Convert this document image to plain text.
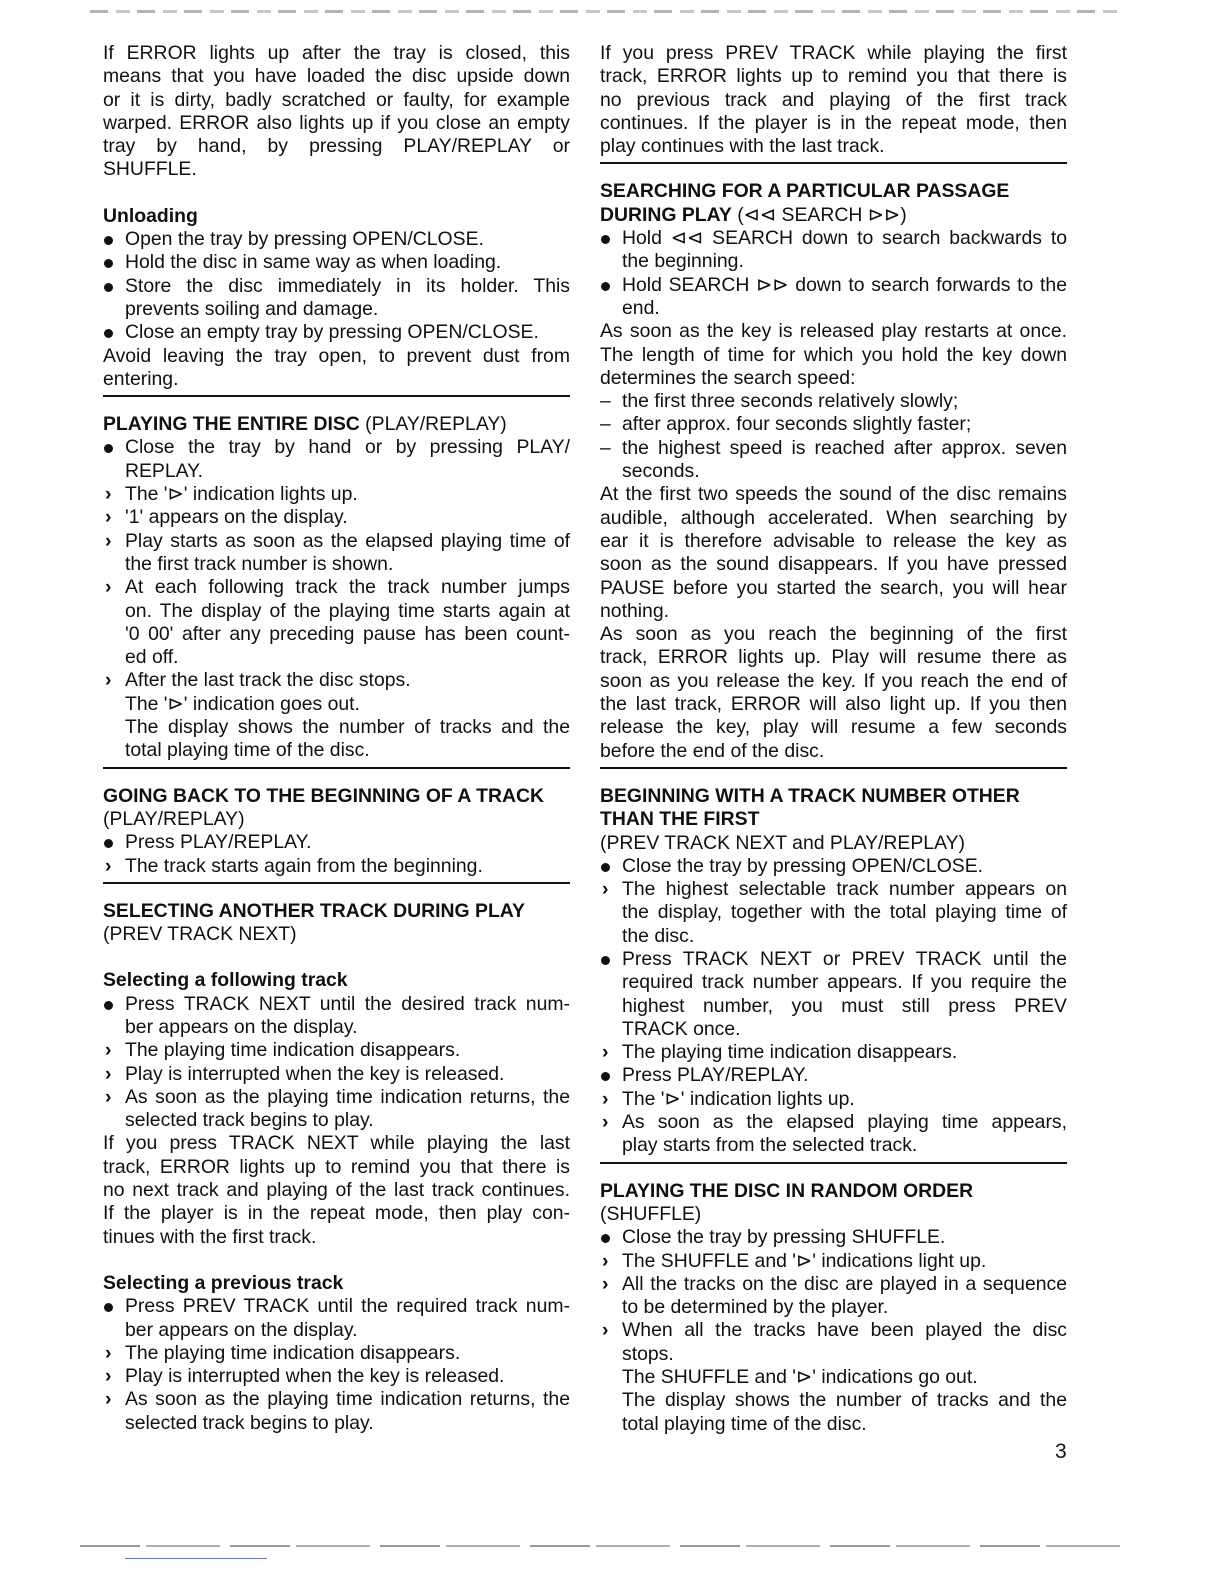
If ERROR lights up after the tray is closed, this

means that you have loaded the disc upside down

or it is dirty, badly scratched or faulty, for example

warped. ERROR also lights up if you close an empty

tray by hand, by pressing PLAY/REPLAY or

SHUFFLE.

Unloading

Open the tray by pressing OPEN/CLOSE.

Hold the disc in same way as when loading.

Store the disc immediately in its holder. This

prevents soiling and damage.

Close an empty tray by pressing OPEN/CLOSE.

Avoid leaving the tray open, to prevent dust from

entering.

PLAYING THE ENTIRE DISC (PLAY/REPLAY)

Close the tray by hand or by pressing PLAY/

REPLAY.

› The '⊳' indication lights up.

› '1' appears on the display.

› Play starts as soon as the elapsed playing time of

the first track number is shown.

› At each following track the track number jumps

on. The display of the playing time starts again at

'0 00' after any preceding pause has been count-

ed off.

› After the last track the disc stops.

The '⊳' indication goes out.

The display shows the number of tracks and the

total playing time of the disc.

GOING BACK TO THE BEGINNING OF A TRACK

(PLAY/REPLAY)

Press PLAY/REPLAY.

› The track starts again from the beginning.

SELECTING ANOTHER TRACK DURING PLAY

(PREV TRACK NEXT)

Selecting a following track

Press TRACK NEXT until the desired track num-

ber appears on the display.

› The playing time indication disappears.

› Play is interrupted when the key is released.

› As soon as the playing time indication returns, the

selected track begins to play.

If you press TRACK NEXT while playing the last

track, ERROR lights up to remind you that there is

no next track and playing of the last track continues.

If the player is in the repeat mode, then play con-

tinues with the first track.

Selecting a previous track

Press PREV TRACK until the required track num-

ber appears on the display.

› The playing time indication disappears.

› Play is interrupted when the key is released.

› As soon as the playing time indication returns, the

selected track begins to play.

If you press PREV TRACK while playing the first

track, ERROR lights up to remind you that there is

no previous track and playing of the first track

continues. If the player is in the repeat mode, then

play continues with the last track.

SEARCHING FOR A PARTICULAR PASSAGE

DURING PLAY (⊲⊲ SEARCH ⊳⊳)

Hold ⊲⊲ SEARCH down to search backwards to

the beginning.

Hold SEARCH ⊳⊳ down to search forwards to the

end.

As soon as the key is released play restarts at once.

The length of time for which you hold the key down

determines the search speed:

– the first three seconds relatively slowly;

– after approx. four seconds slightly faster;

– the highest speed is reached after approx. seven

seconds.

At the first two speeds the sound of the disc remains

audible, although accelerated. When searching by

ear it is therefore advisable to release the key as

soon as the sound disappears. If you have pressed

PAUSE before you started the search, you will hear

nothing.

As soon as you reach the beginning of the first

track, ERROR lights up. Play will resume there as

soon as you release the key. If you reach the end of

the last track, ERROR will also light up. If you then

release the key, play will resume a few seconds

before the end of the disc.

BEGINNING WITH A TRACK NUMBER OTHER

THAN THE FIRST

(PREV TRACK NEXT and PLAY/REPLAY)

Close the tray by pressing OPEN/CLOSE.

› The highest selectable track number appears on

the display, together with the total playing time of

the disc.

Press TRACK NEXT or PREV TRACK until the

required track number appears. If you require the

highest number, you must still press PREV

TRACK once.

› The playing time indication disappears.

Press PLAY/REPLAY.

› The '⊳' indication lights up.

› As soon as the elapsed playing time appears,

play starts from the selected track.

PLAYING THE DISC IN RANDOM ORDER

(SHUFFLE)

Close the tray by pressing SHUFFLE.

› The SHUFFLE and '⊳' indications light up.

› All the tracks on the disc are played in a sequence

to be determined by the player.

› When all the tracks have been played the disc

stops.

The SHUFFLE and '⊳' indications go out.

The display shows the number of tracks and the

total playing time of the disc.

3
